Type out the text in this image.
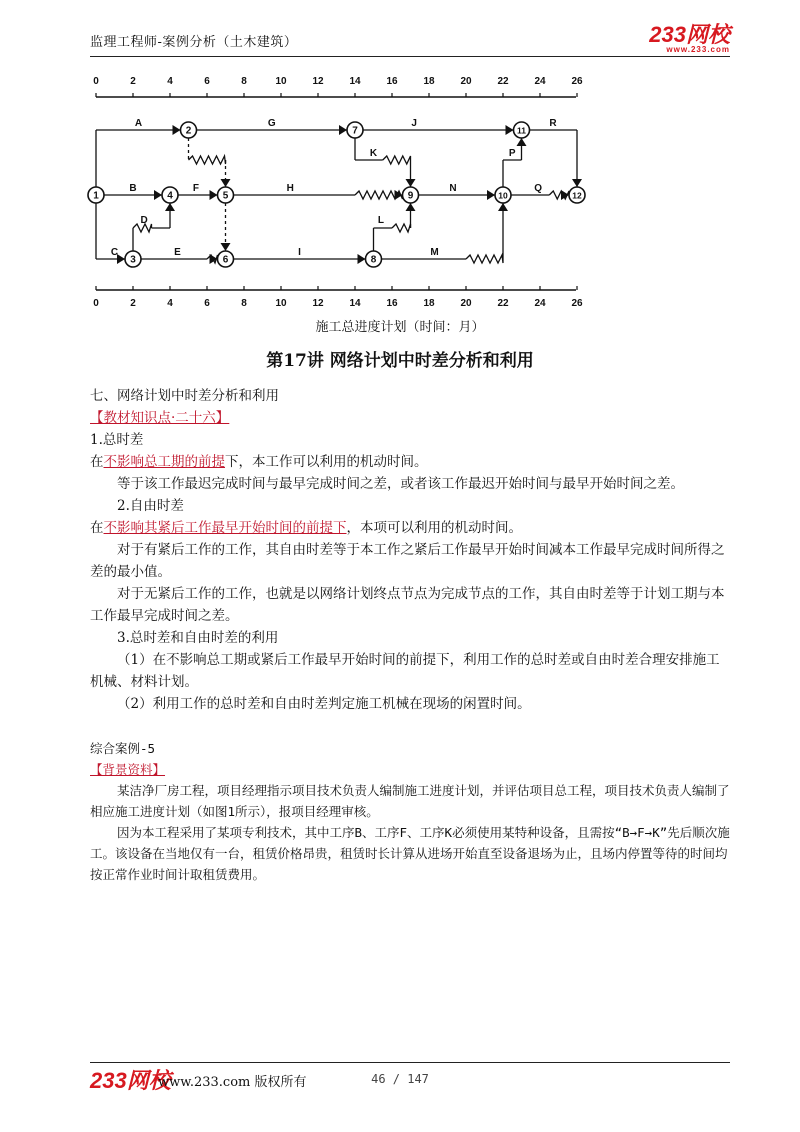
监理工程师-案例分析（土木建筑）	233网校
www.233.com
0
0
2
2
4
4
6
6
8
8
10
10
12
12
14
14
16
16
18
18
20
20
22
22
24
24
26
26
1
2
3
4	5
6
7
8
9	10
11
12
A
B
C
D
E
F
G
H
I
J
K
L
M
N
P
Q
R
施工总进度计划（时间：月）
第17讲 网络计划中时差分析和利用
七、网络计划中时差分析和利用
【教材知识点·二十六】
1.总时差
在不影响总工期的前提下，本工作可以利用的机动时间。
等于该工作最迟完成时间与最早完成时间之差，或者该工作最迟开始时间与最早开始时间之差。
2.自由时差
在不影响其紧后工作最早开始时间的前提下，本项可以利用的机动时间。
对于有紧后工作的工作，其自由时差等于本工作之紧后工作最早开始时间减本工作最早完成时间所得之差的最小值。
对于无紧后工作的工作，也就是以网络计划终点节点为完成节点的工作，其自由时差等于计划工期与本工作最早完成时间之差。
3.总时差和自由时差的利用
（1）在不影响总工期或紧后工作最早开始时间的前提下，利用工作的总时差或自由时差合理安排施工机械、材料计划。
（2）利用工作的总时差和自由时差判定施工机械在现场的闲置时间。
综合案例-5
【背景资料】
某洁净厂房工程，项目经理指示项目技术负责人编制施工进度计划，并评估项目总工程，项目技术负责人编制了相应施工进度计划（如图1所示），报项目经理审核。
因为本工程采用了某项专利技术，其中工序B、工序F、工序K必须使用某特种设备，且需按“B→F→K”先后顺次施工。该设备在当地仅有一台，租赁价格昂贵，租赁时长计算从进场开始直至设备退场为止，且场内停置等待的时间均按正常作业时间计取租赁费用。
233网校
www.233.com 版权所有	46 / 147
